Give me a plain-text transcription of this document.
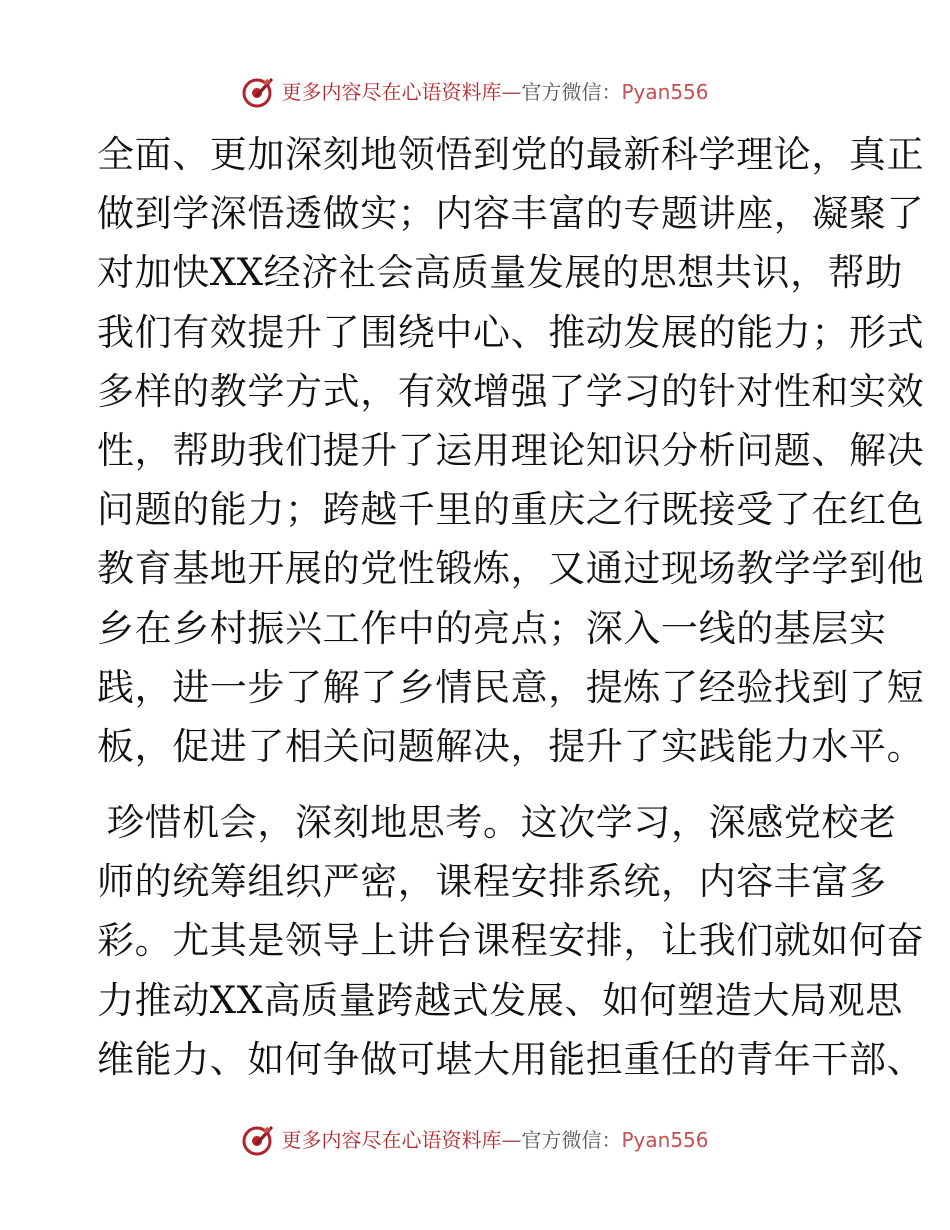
更多内容尽在心语资料库—官方微信：Pyan556
全面、更加深刻地领悟到党的最新科学理论，真正
做到学深悟透做实；内容丰富的专题讲座，凝聚了
对加快XX经济社会高质量发展的思想共识，帮助
我们有效提升了围绕中心、推动发展的能力；形式
多样的教学方式，有效增强了学习的针对性和实效
性，帮助我们提升了运用理论知识分析问题、解决
问题的能力；跨越千里的重庆之行既接受了在红色
教育基地开展的党性锻炼，又通过现场教学学到他
乡在乡村振兴工作中的亮点；深入一线的基层实
践，进一步了解了乡情民意，提炼了经验找到了短
板，促进了相关问题解决，提升了实践能力水平。
珍惜机会，深刻地思考。这次学习，深感党校老
师的统筹组织严密，课程安排系统，内容丰富多
彩。尤其是领导上讲台课程安排，让我们就如何奋
力推动XX高质量跨越式发展、如何塑造大局观思
维能力、如何争做可堪大用能担重任的青年干部、
更多内容尽在心语资料库—官方微信：Pyan556
